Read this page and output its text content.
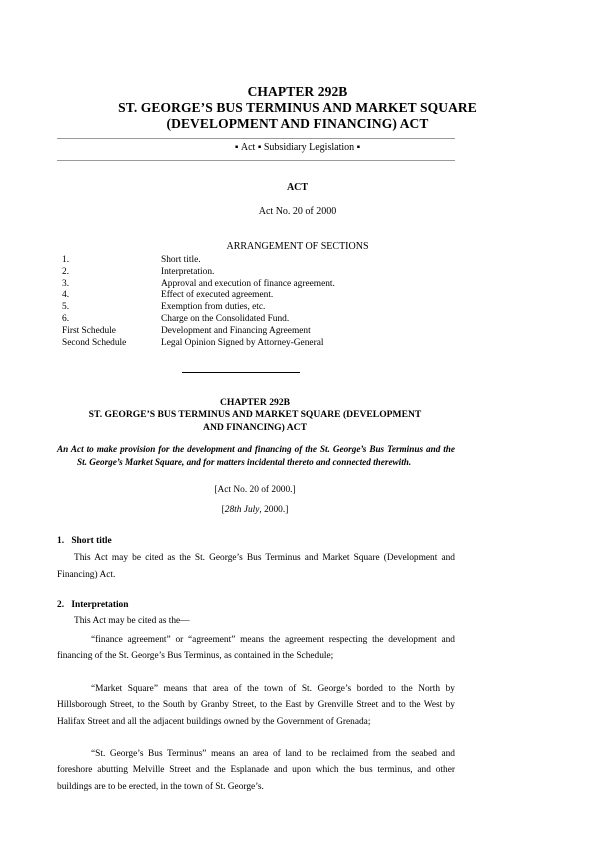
CHAPTER 292B
ST. GEORGE’S BUS TERMINUS AND MARKET SQUARE
(DEVELOPMENT AND FINANCING) ACT
▪ Act ▪ Subsidiary Legislation ▪
ACT
Act No. 20 of 2000
ARRANGEMENT OF SECTIONS
1.	Short title.
2.	Interpretation.
3.	Approval and execution of finance agreement.
4.	Effect of executed agreement.
5.	Exemption from duties, etc.
6.	Charge on the Consolidated Fund.
First Schedule	Development and Financing Agreement
Second Schedule	Legal Opinion Signed by Attorney-General
CHAPTER 292B
ST. GEORGE’S BUS TERMINUS AND MARKET SQUARE (DEVELOPMENT
AND FINANCING) ACT
An Act to make provision for the development and financing of the St. George’s Bus Terminus and the St. George’s Market Square, and for matters incidental thereto and connected therewith.
[Act No. 20 of 2000.]
[28th July, 2000.]
1. Short title
This Act may be cited as the St. George’s Bus Terminus and Market Square (Development and Financing) Act.
2. Interpretation
This Act may be cited as the—
“finance agreement” or “agreement” means the agreement respecting the development and financing of the St. George’s Bus Terminus, as contained in the Schedule;
“Market Square” means that area of the town of St. George’s borded to the North by Hillsborough Street, to the South by Granby Street, to the East by Grenville Street and to the West by Halifax Street and all the adjacent buildings owned by the Government of Grenada;
“St. George’s Bus Terminus” means an area of land to be reclaimed from the seabed and foreshore abutting Melville Street and the Esplanade and upon which the bus terminus, and other buildings are to be erected, in the town of St. George’s.
